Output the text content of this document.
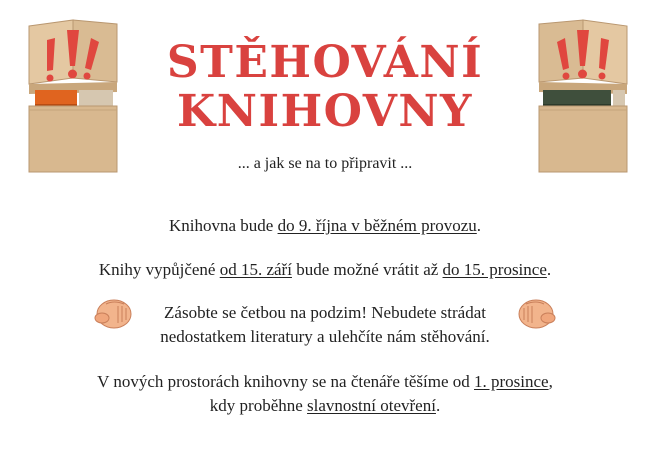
STĚHOVÁNÍ
KNIHOVNY
... a jak se na to připravit ...

Knihovna bude do 9. října v běžném provozu.

Knihy vypůjčené od 15. září bude možné vrátit až do 15. prosince.

Zásobte se četbou na podzim! Nebudete strádat
nedostatkem literatury a ulehčíte nám stěhování.

V nových prostorách knihovny se na čtenáře těšíme od 1. prosince,
kdy proběhne slavnostní otevření.
